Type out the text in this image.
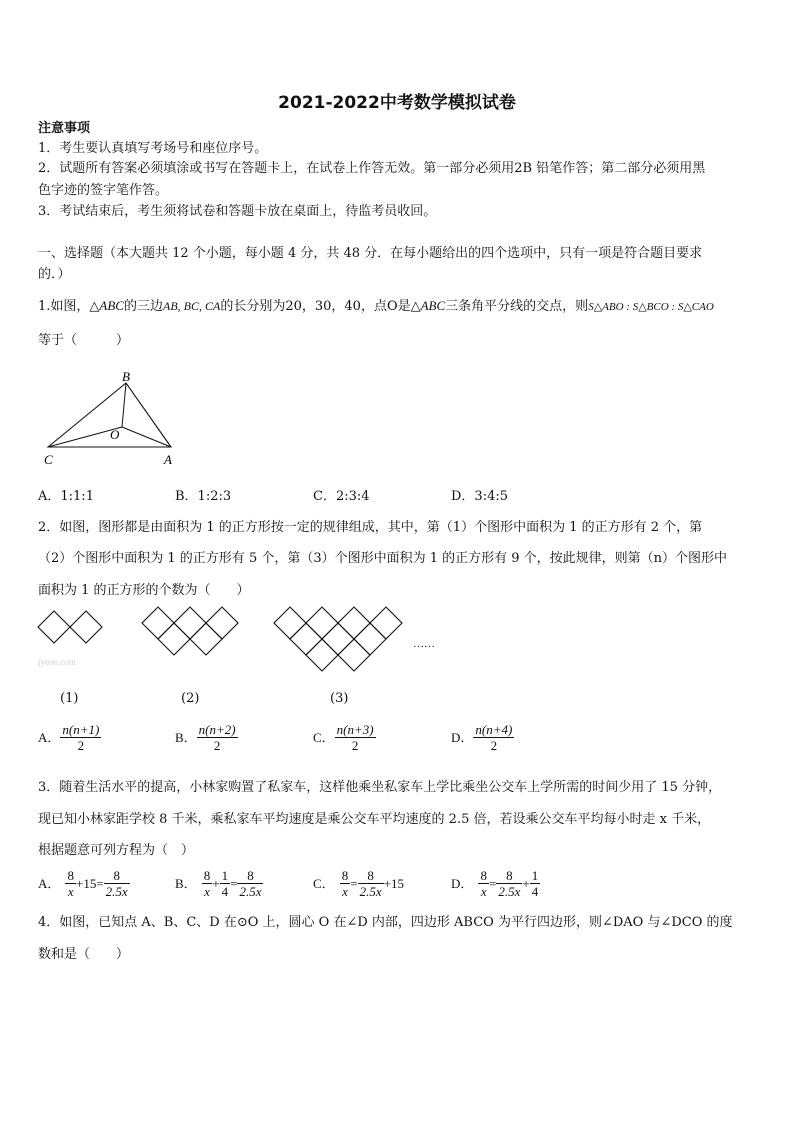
2021-2022中考数学模拟试卷
注意事项
1．考生要认真填写考场号和座位序号。
2．试题所有答案必须填涂或书写在答题卡上，在试卷上作答无效。第一部分必须用2B 铅笔作答；第二部分必须用黑
色字迹的签字笔作答。
3．考试结束后，考生须将试卷和答题卡放在桌面上，待监考员收回。
一、选择题（本大题共 12 个小题，每小题 4 分，共 48 分．在每小题给出的四个选项中，只有一项是符合题目要求
的．）
1.如图，△ABC的三边AB, BC, CA的长分别为20，30，40，点O是△ABC三条角平分线的交点，则S△ABO : S△BCO : S△CAO
等于（　　　）
B
O
C	A
A．1:1:1	B．1:2:3	C．2:3:4	D．3:4:5
2．如图，图形都是由面积为 1 的正方形按一定的规律组成，其中，第（1）个图形中面积为 1 的正方形有 2 个，第
（2）个图形中面积为 1 的正方形有 5 个，第（3）个图形中面积为 1 的正方形有 9 个，按此规律，则第（n）个图形中
面积为 1 的正方形的个数为（　　）
……
jyeoo.com
(1)	(2)	(3)
A． $\frac{n(n+1)}{2}$	B． $\frac{n(n+2)}{2}$	C． $\frac{n(n+3)}{2}$	D． $\frac{n(n+4)}{2}$
3．随着生活水平的提高，小林家购置了私家车，这样他乘坐私家车上学比乘坐公交车上学所需的时间少用了 15 分钟，
现已知小林家距学校 8 千米，乘私家车平均速度是乘公交车平均速度的 2.5 倍，若设乘公交车平均每小时走 x 千米，
根据题意可列方程为（　）
A． $\frac{8}{x} +15= \frac{8}{2.5x}$	B． $\frac{8}{x} + \frac{1}{4} = \frac{8}{2.5x}$	C． $\frac{8}{x} = \frac{8}{2.5x} +15$	D． $\frac{8}{x} = \frac{8}{2.5x} + \frac{1}{4}$
4．如图，已知点 A、B、C、D 在⊙O 上，圆心 O 在∠D 内部，四边形 ABCO 为平行四边形，则∠DAO 与∠DCO 的度
数和是（　　）
